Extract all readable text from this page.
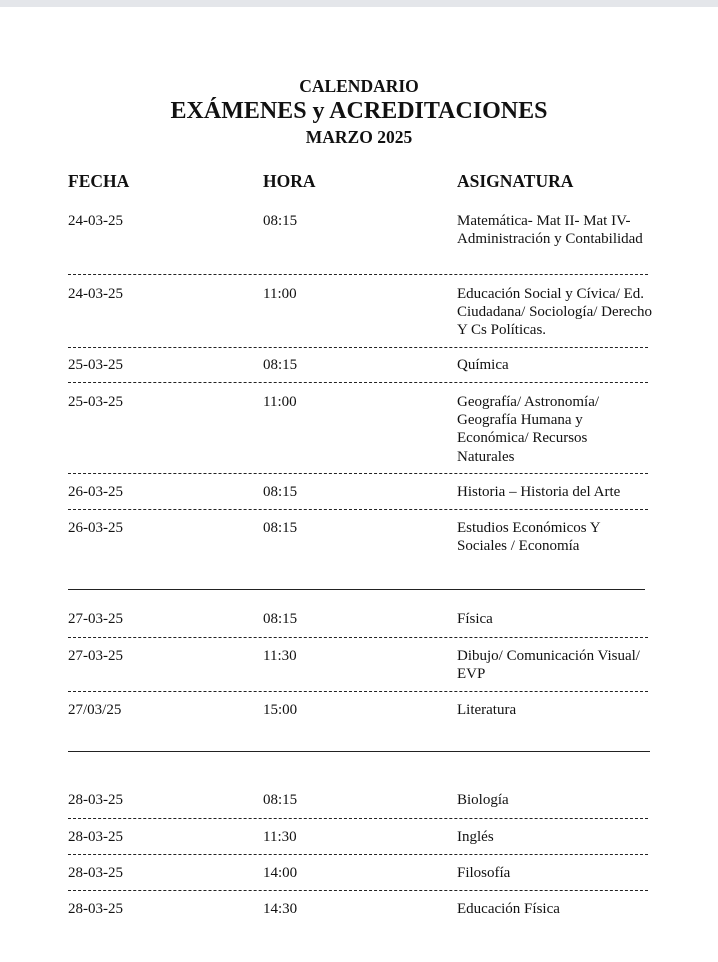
CALENDARIO
EXÁMENES y ACREDITACIONES
MARZO 2025
FECHA	HORA	ASIGNATURA
24-03-25	08:15	Matemática- Mat II- Mat IV- Administración y Contabilidad
24-03-25	11:00	Educación Social y Cívica/ Ed. Ciudadana/ Sociología/ Derecho Y Cs Políticas.
25-03-25	08:15	Química
25-03-25	11:00	Geografía/ Astronomía/ Geografía Humana y Económica/ Recursos Naturales
26-03-25	08:15	Historia – Historia del Arte
26-03-25	08:15	Estudios Económicos Y Sociales / Economía
27-03-25	08:15	Física
27-03-25	11:30	Dibujo/ Comunicación Visual/ EVP
27/03/25	15:00	Literatura
28-03-25	08:15	Biología
28-03-25	11:30	Inglés
28-03-25	14:00	Filosofía
28-03-25	14:30	Educación Física
